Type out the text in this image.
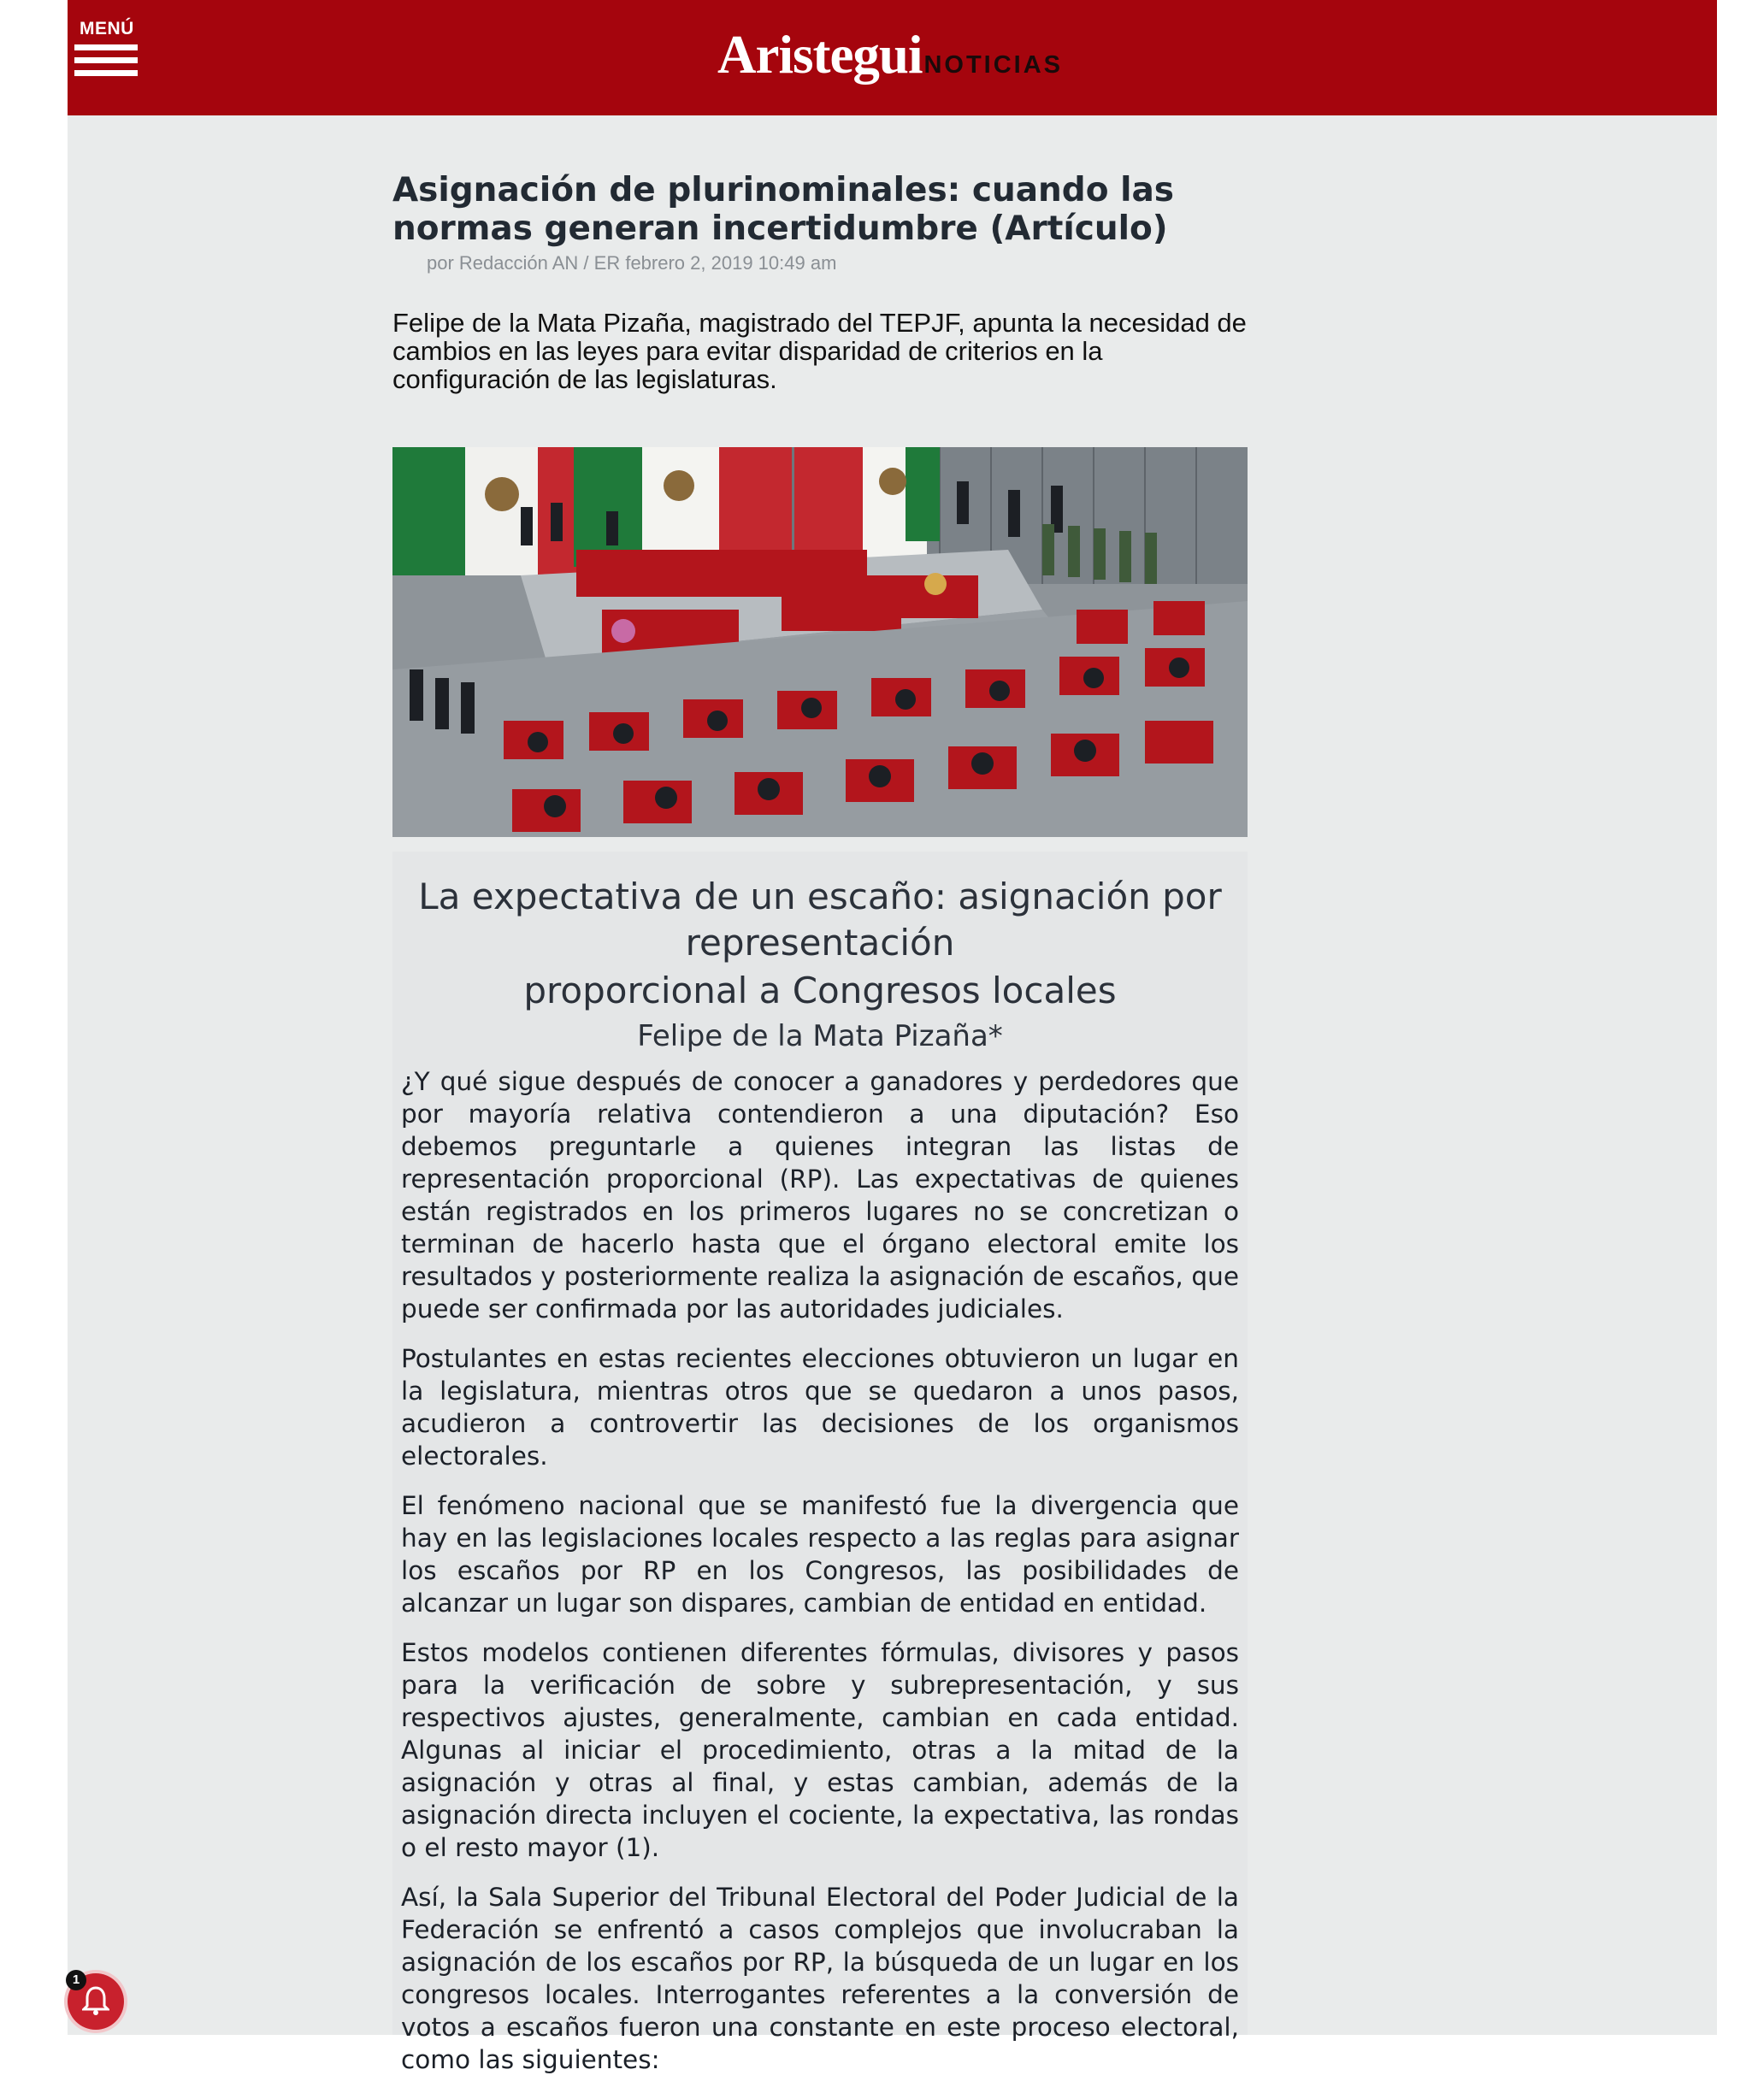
MENÚ	AristeguiNOTICIAS
Asignación de plurinominales: cuando las normas generan incertidumbre (Artículo)
por Redacción AN / ER febrero 2, 2019 10:49 am
Felipe de la Mata Pizaña, magistrado del TEPJF, apunta la necesidad de cambios en las leyes para evitar disparidad de criterios en la configuración de las legislaturas.
La expectativa de un escaño: asignación por
representación
proporcional a Congresos locales
Felipe de la Mata Pizaña*

¿Y qué sigue después de conocer a ganadores y perdedores que por mayoría relativa contendieron a una diputación? Eso debemos preguntarle a quienes integran las listas de representación proporcional (RP). Las expectativas de quienes están registrados en los primeros lugares no se concretizan o terminan de hacerlo hasta que el órgano electoral emite los resultados y posteriormente realiza la asignación de escaños, que puede ser confirmada por las autoridades judiciales.

Postulantes en estas recientes elecciones obtuvieron un lugar en la legislatura, mientras otros que se quedaron a unos pasos, acudieron a controvertir las decisiones de los organismos electorales.

El fenómeno nacional que se manifestó fue la divergencia que hay en las legislaciones locales respecto a las reglas para asignar los escaños por RP en los Congresos, las posibilidades de alcanzar un lugar son dispares, cambian de entidad en entidad.

Estos modelos contienen diferentes fórmulas, divisores y pasos para la verificación de sobre y subrepresentación, y sus respectivos ajustes, generalmente, cambian en cada entidad. Algunas al iniciar el procedimiento, otras a la mitad de la asignación y otras al final, y estas cambian, además de la asignación directa incluyen el cociente, la expectativa, las rondas o el resto mayor (1).

Así, la Sala Superior del Tribunal Electoral del Poder Judicial de la Federación se enfrentó a casos complejos que involucraban la asignación de los escaños por RP, la búsqueda de un lugar en los congresos locales. Interrogantes referentes a la conversión de votos a escaños fueron una constante en este proceso electoral, como las siguientes:

1
